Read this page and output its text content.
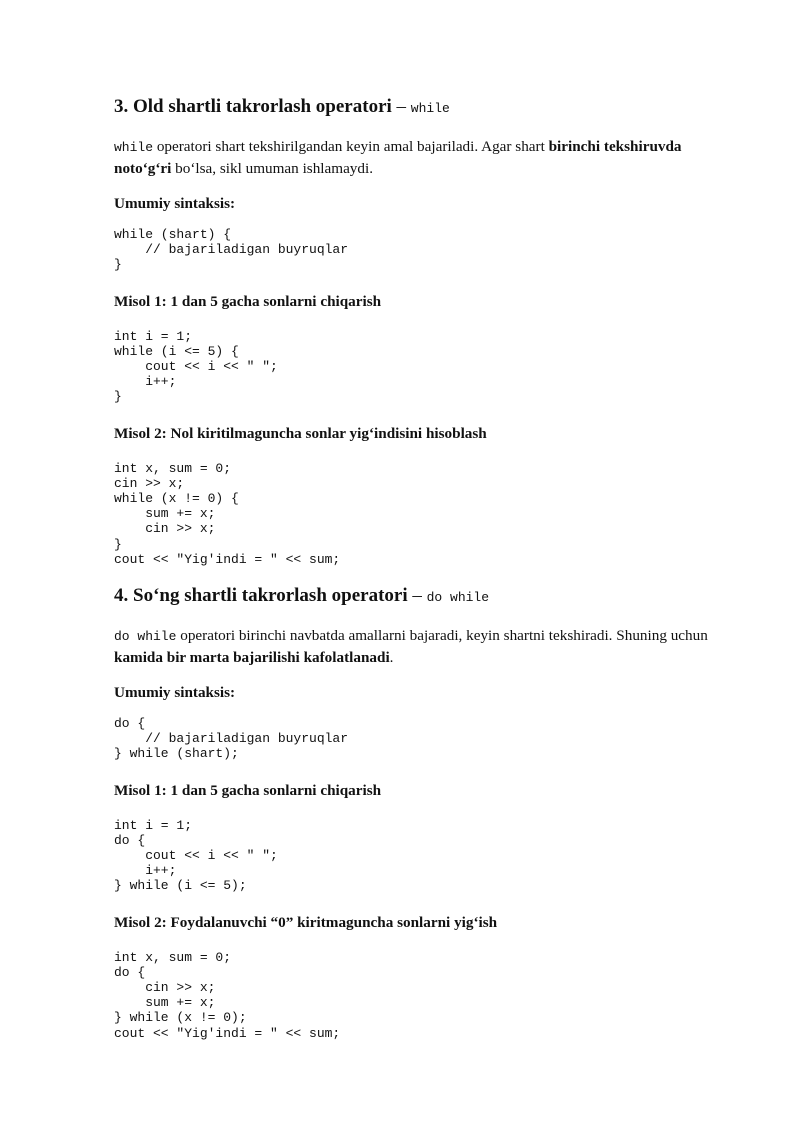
3. Old shartli takrorlash operatori – while

while operatori shart tekshirilgandan keyin amal bajariladi. Agar shart birinchi tekshiruvda noto‘g‘ri bo‘lsa, sikl umuman ishlamaydi.

Umumiy sintaksis:

while (shart) {
// bajariladigan buyruqlar
}

Misol 1: 1 dan 5 gacha sonlarni chiqarish

int i = 1;
while (i <= 5) {
cout << i << " ";
i++;
}

Misol 2: Nol kiritilmaguncha sonlar yig‘indisini hisoblash

int x, sum = 0;
cin >> x;
while (x != 0) {
sum += x;
cin >> x;
}
cout << "Yig'indi = " << sum;
4. So‘ng shartli takrorlash operatori – do while

do while operatori birinchi navbatda amallarni bajaradi, keyin shartni tekshiradi. Shuning uchun kamida bir marta bajarilishi kafolatlanadi.

Umumiy sintaksis:

do {
// bajariladigan buyruqlar
} while (shart);

Misol 1: 1 dan 5 gacha sonlarni chiqarish

int i = 1;
do {
cout << i << " ";
i++;
} while (i <= 5);

Misol 2: Foydalanuvchi “0” kiritmaguncha sonlarni yig‘ish

int x, sum = 0;
do {
cin >> x;
sum += x;
} while (x != 0);
cout << "Yig'indi = " << sum;
